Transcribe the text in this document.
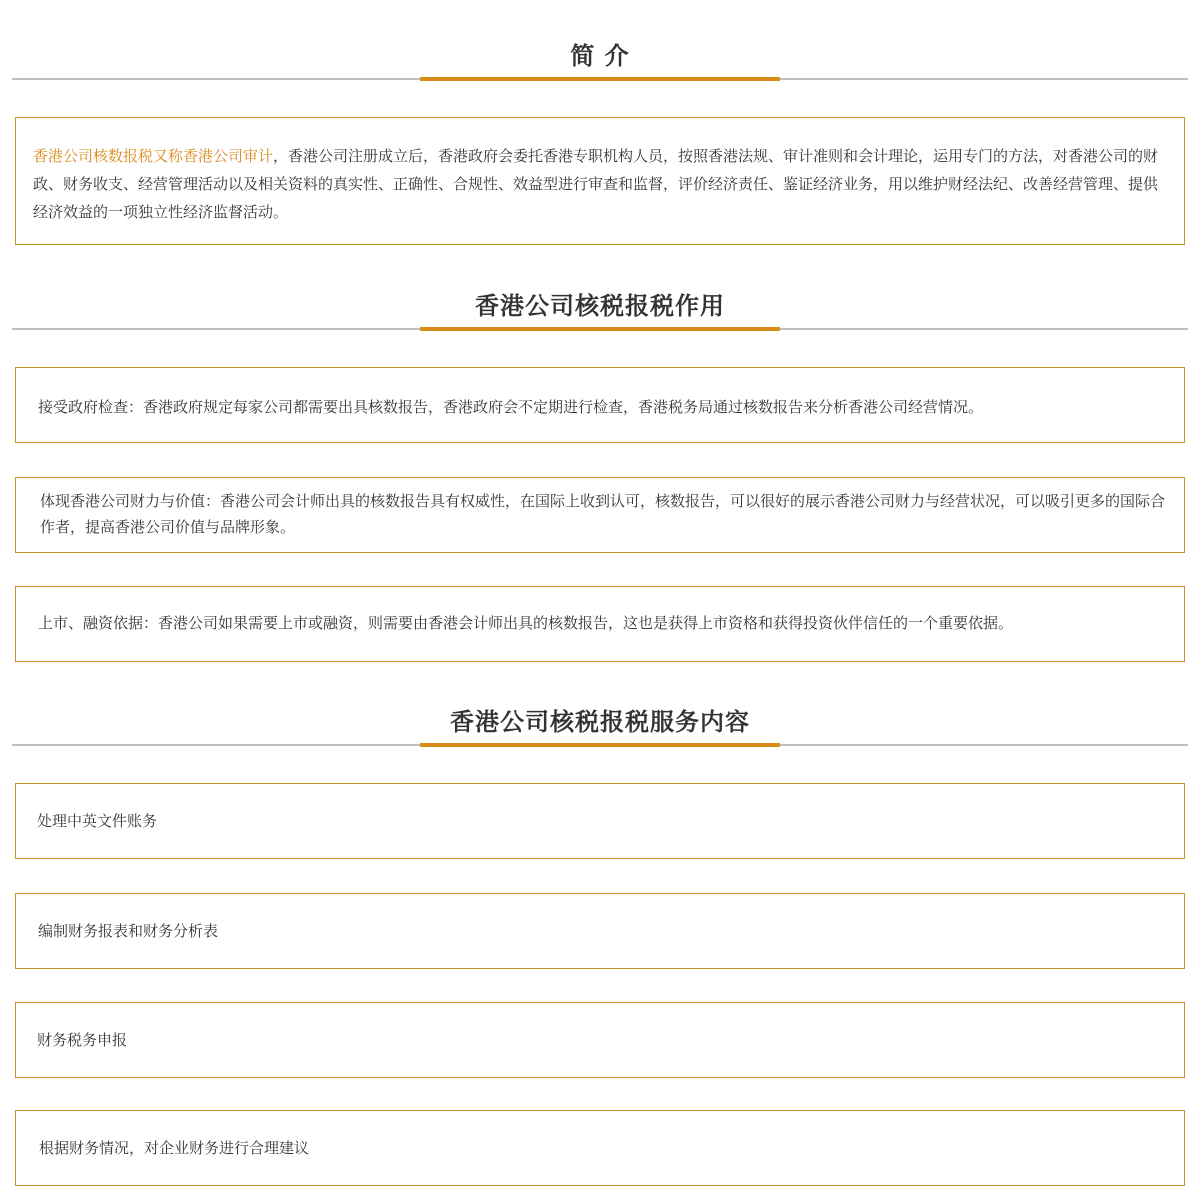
简 介
香港公司核数报税又称香港公司审计，香港公司注册成立后，香港政府会委托香港专职机构人员，按照香港法规、审计准则和会计理论，运用专门的方法，对香港公司的财政、财务收支、经营管理活动以及相关资料的真实性、正确性、合规性、效益型进行审查和监督，评价经济责任、鉴证经济业务，用以维护财经法纪、改善经营管理、提供经济效益的一项独立性经济监督活动。
香港公司核税报税作用
接受政府检查：香港政府规定每家公司都需要出具核数报告，香港政府会不定期进行检查，香港税务局通过核数报告来分析香港公司经营情况。
体现香港公司财力与价值：香港公司会计师出具的核数报告具有权威性，在国际上收到认可，核数报告，可以很好的展示香港公司财力与经营状况，可以吸引更多的国际合作者，提高香港公司价值与品牌形象。
上市、融资依据：香港公司如果需要上市或融资，则需要由香港会计师出具的核数报告，这也是获得上市资格和获得投资伙伴信任的一个重要依据。
香港公司核税报税服务内容
处理中英文件账务
编制财务报表和财务分析表
财务税务申报
根据财务情况，对企业财务进行合理建议
